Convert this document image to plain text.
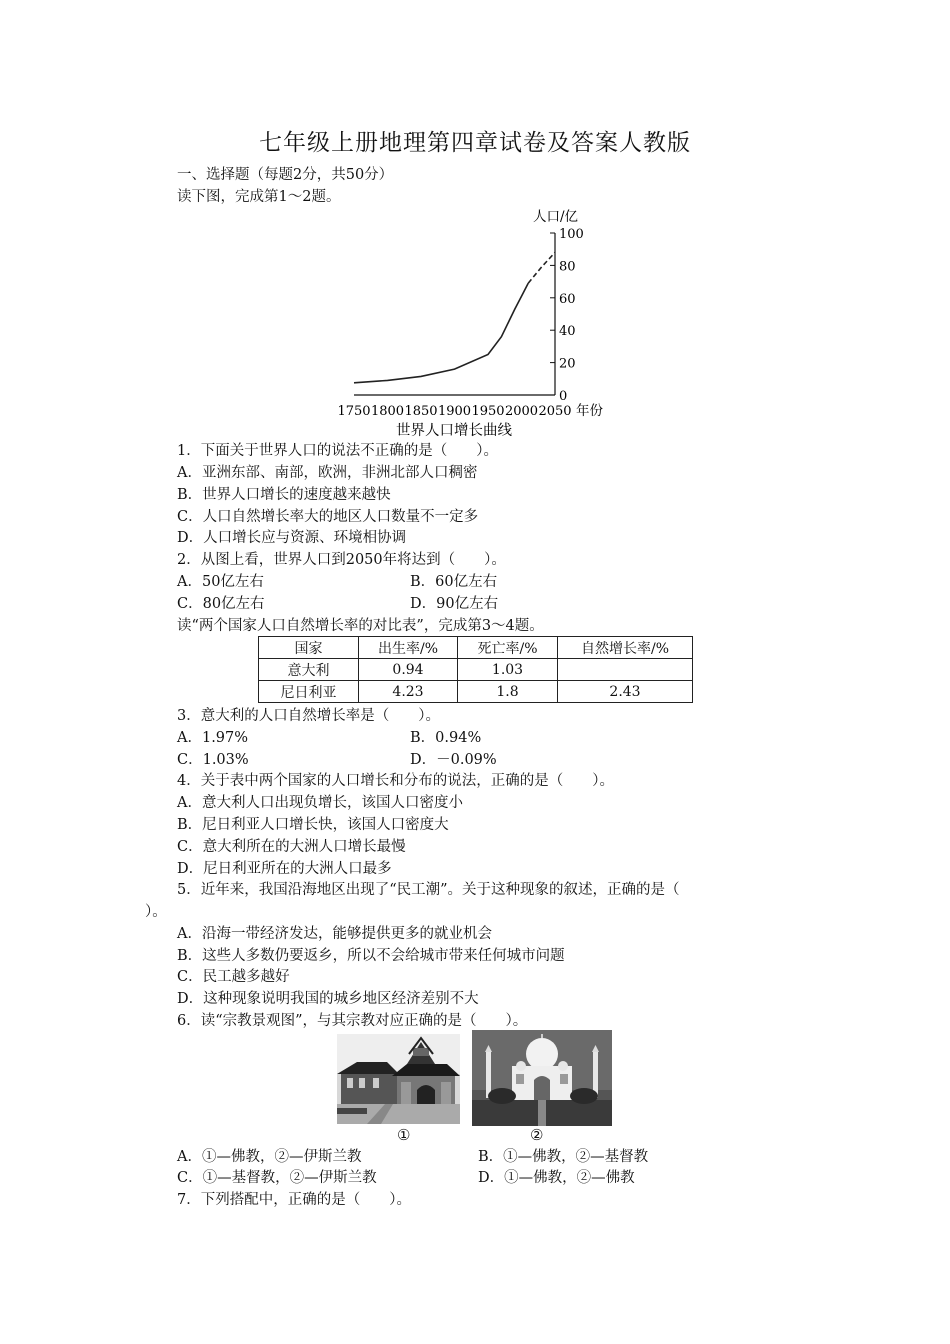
七年级上册地理第四章试卷及答案人教版
一、选择题（每题2分，共50分）
读下图，完成第1～2题。
人口/亿
0
20
40
60
80
100
1750 1800 1850 1900 1950 2000 2050 年份
世界人口增长曲线
1．下面关于世界人口的说法不正确的是（　　）。
A．亚洲东部、南部，欧洲，非洲北部人口稠密
B．世界人口增长的速度越来越快
C．人口自然增长率大的地区人口数量不一定多
D．人口增长应与资源、环境相协调
2．从图上看，世界人口到2050年将达到（　　）。
A．50亿左右	B．60亿左右
C．80亿左右	D．90亿左右
读“两个国家人口自然增长率的对比表”，完成第3～4题。
国家	出生率/%	死亡率/%	自然增长率/%
意大利	0.94	1.03	
尼日利亚	4.23	1.8	2.43
3．意大利的人口自然增长率是（　　）。
A．1.97%	B．0.94%
C．1.03%	D．－0.09%
4．关于表中两个国家的人口增长和分布的说法，正确的是（　　）。
A．意大利人口出现负增长，该国人口密度小
B．尼日利亚人口增长快，该国人口密度大
C．意大利所在的大洲人口增长最慢
D．尼日利亚所在的大洲人口最多
5．近年来，我国沿海地区出现了“民工潮”。关于这种现象的叙述，正确的是（
）。
A．沿海一带经济发达，能够提供更多的就业机会
B．这些人多数仍要返乡，所以不会给城市带来任何城市问题
C．民工越多越好
D．这种现象说明我国的城乡地区经济差别不大
6．读“宗教景观图”，与其宗教对应正确的是（　　）。
①	②
A．①—佛教，②—伊斯兰教	B．①—佛教，②—基督教
C．①—基督教，②—伊斯兰教	D．①—佛教，②—佛教
7．下列搭配中，正确的是（　　）。
